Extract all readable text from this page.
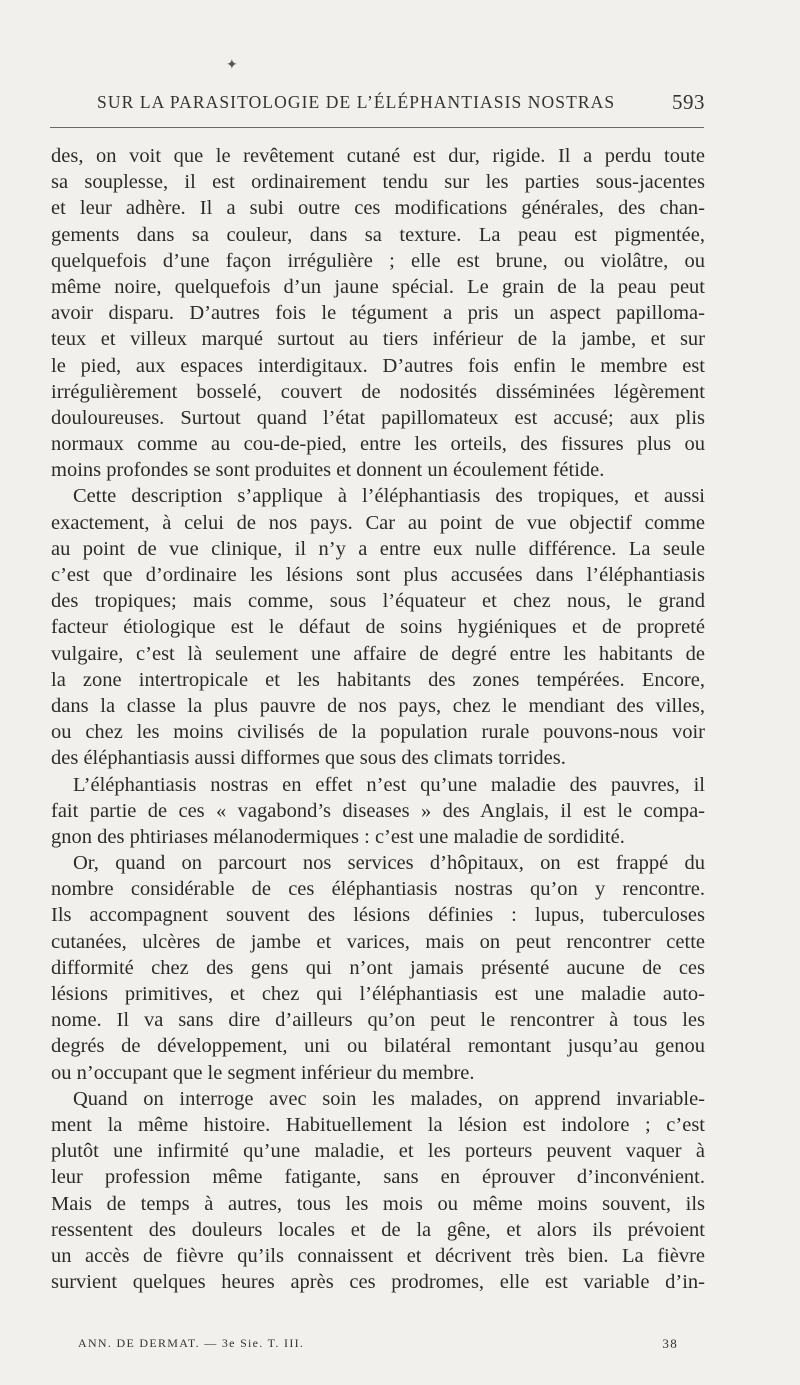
✦
SUR LA PARASITOLOGIE DE L’ÉLÉPHANTIASIS NOSTRAS	593
des, on voit que le revêtement cutané est dur, rigide. Il a perdu toute
sa souplesse, il est ordinairement tendu sur les parties sous-jacentes
et leur adhère. Il a subi outre ces modifications générales, des chan-
gements dans sa couleur, dans sa texture. La peau est pigmentée,
quelquefois d’une façon irrégulière ; elle est brune, ou violâtre, ou
même noire, quelquefois d’un jaune spécial. Le grain de la peau peut
avoir disparu. D’autres fois le tégument a pris un aspect papilloma-
teux et villeux marqué surtout au tiers inférieur de la jambe, et sur
le pied, aux espaces interdigitaux. D’autres fois enfin le membre est
irrégulièrement bosselé, couvert de nodosités disséminées légèrement
douloureuses. Surtout quand l’état papillomateux est accusé; aux plis
normaux comme au cou-de-pied, entre les orteils, des fissures plus ou
moins profondes se sont produites et donnent un écoulement fétide.
Cette description s’applique à l’éléphantiasis des tropiques, et aussi
exactement, à celui de nos pays. Car au point de vue objectif comme
au point de vue clinique, il n’y a entre eux nulle différence. La seule
c’est que d’ordinaire les lésions sont plus accusées dans l’éléphantiasis
des tropiques; mais comme, sous l’équateur et chez nous, le grand
facteur étiologique est le défaut de soins hygiéniques et de propreté
vulgaire, c’est là seulement une affaire de degré entre les habitants de
la zone intertropicale et les habitants des zones tempérées. Encore,
dans la classe la plus pauvre de nos pays, chez le mendiant des villes,
ou chez les moins civilisés de la population rurale pouvons-nous voir
des éléphantiasis aussi difformes que sous des climats torrides.
L’éléphantiasis nostras en effet n’est qu’une maladie des pauvres, il
fait partie de ces « vagabond’s diseases » des Anglais, il est le compa-
gnon des phtiriases mélanodermiques : c’est une maladie de sordidité.
Or, quand on parcourt nos services d’hôpitaux, on est frappé du
nombre considérable de ces éléphantiasis nostras qu’on y rencontre.
Ils accompagnent souvent des lésions définies : lupus, tuberculoses
cutanées, ulcères de jambe et varices, mais on peut rencontrer cette
difformité chez des gens qui n’ont jamais présenté aucune de ces
lésions primitives, et chez qui l’éléphantiasis est une maladie auto-
nome. Il va sans dire d’ailleurs qu’on peut le rencontrer à tous les
degrés de développement, uni ou bilatéral remontant jusqu’au genou
ou n’occupant que le segment inférieur du membre.
Quand on interroge avec soin les malades, on apprend invariable-
ment la même histoire. Habituellement la lésion est indolore ; c’est
plutôt une infirmité qu’une maladie, et les porteurs peuvent vaquer à
leur profession même fatigante, sans en éprouver d’inconvénient.
Mais de temps à autres, tous les mois ou même moins souvent, ils
ressentent des douleurs locales et de la gêne, et alors ils prévoient
un accès de fièvre qu’ils connaissent et décrivent très bien. La fièvre
survient quelques heures après ces prodromes, elle est variable d’in-
ANN. DE DERMAT. — 3e Sie. T. III.	38
